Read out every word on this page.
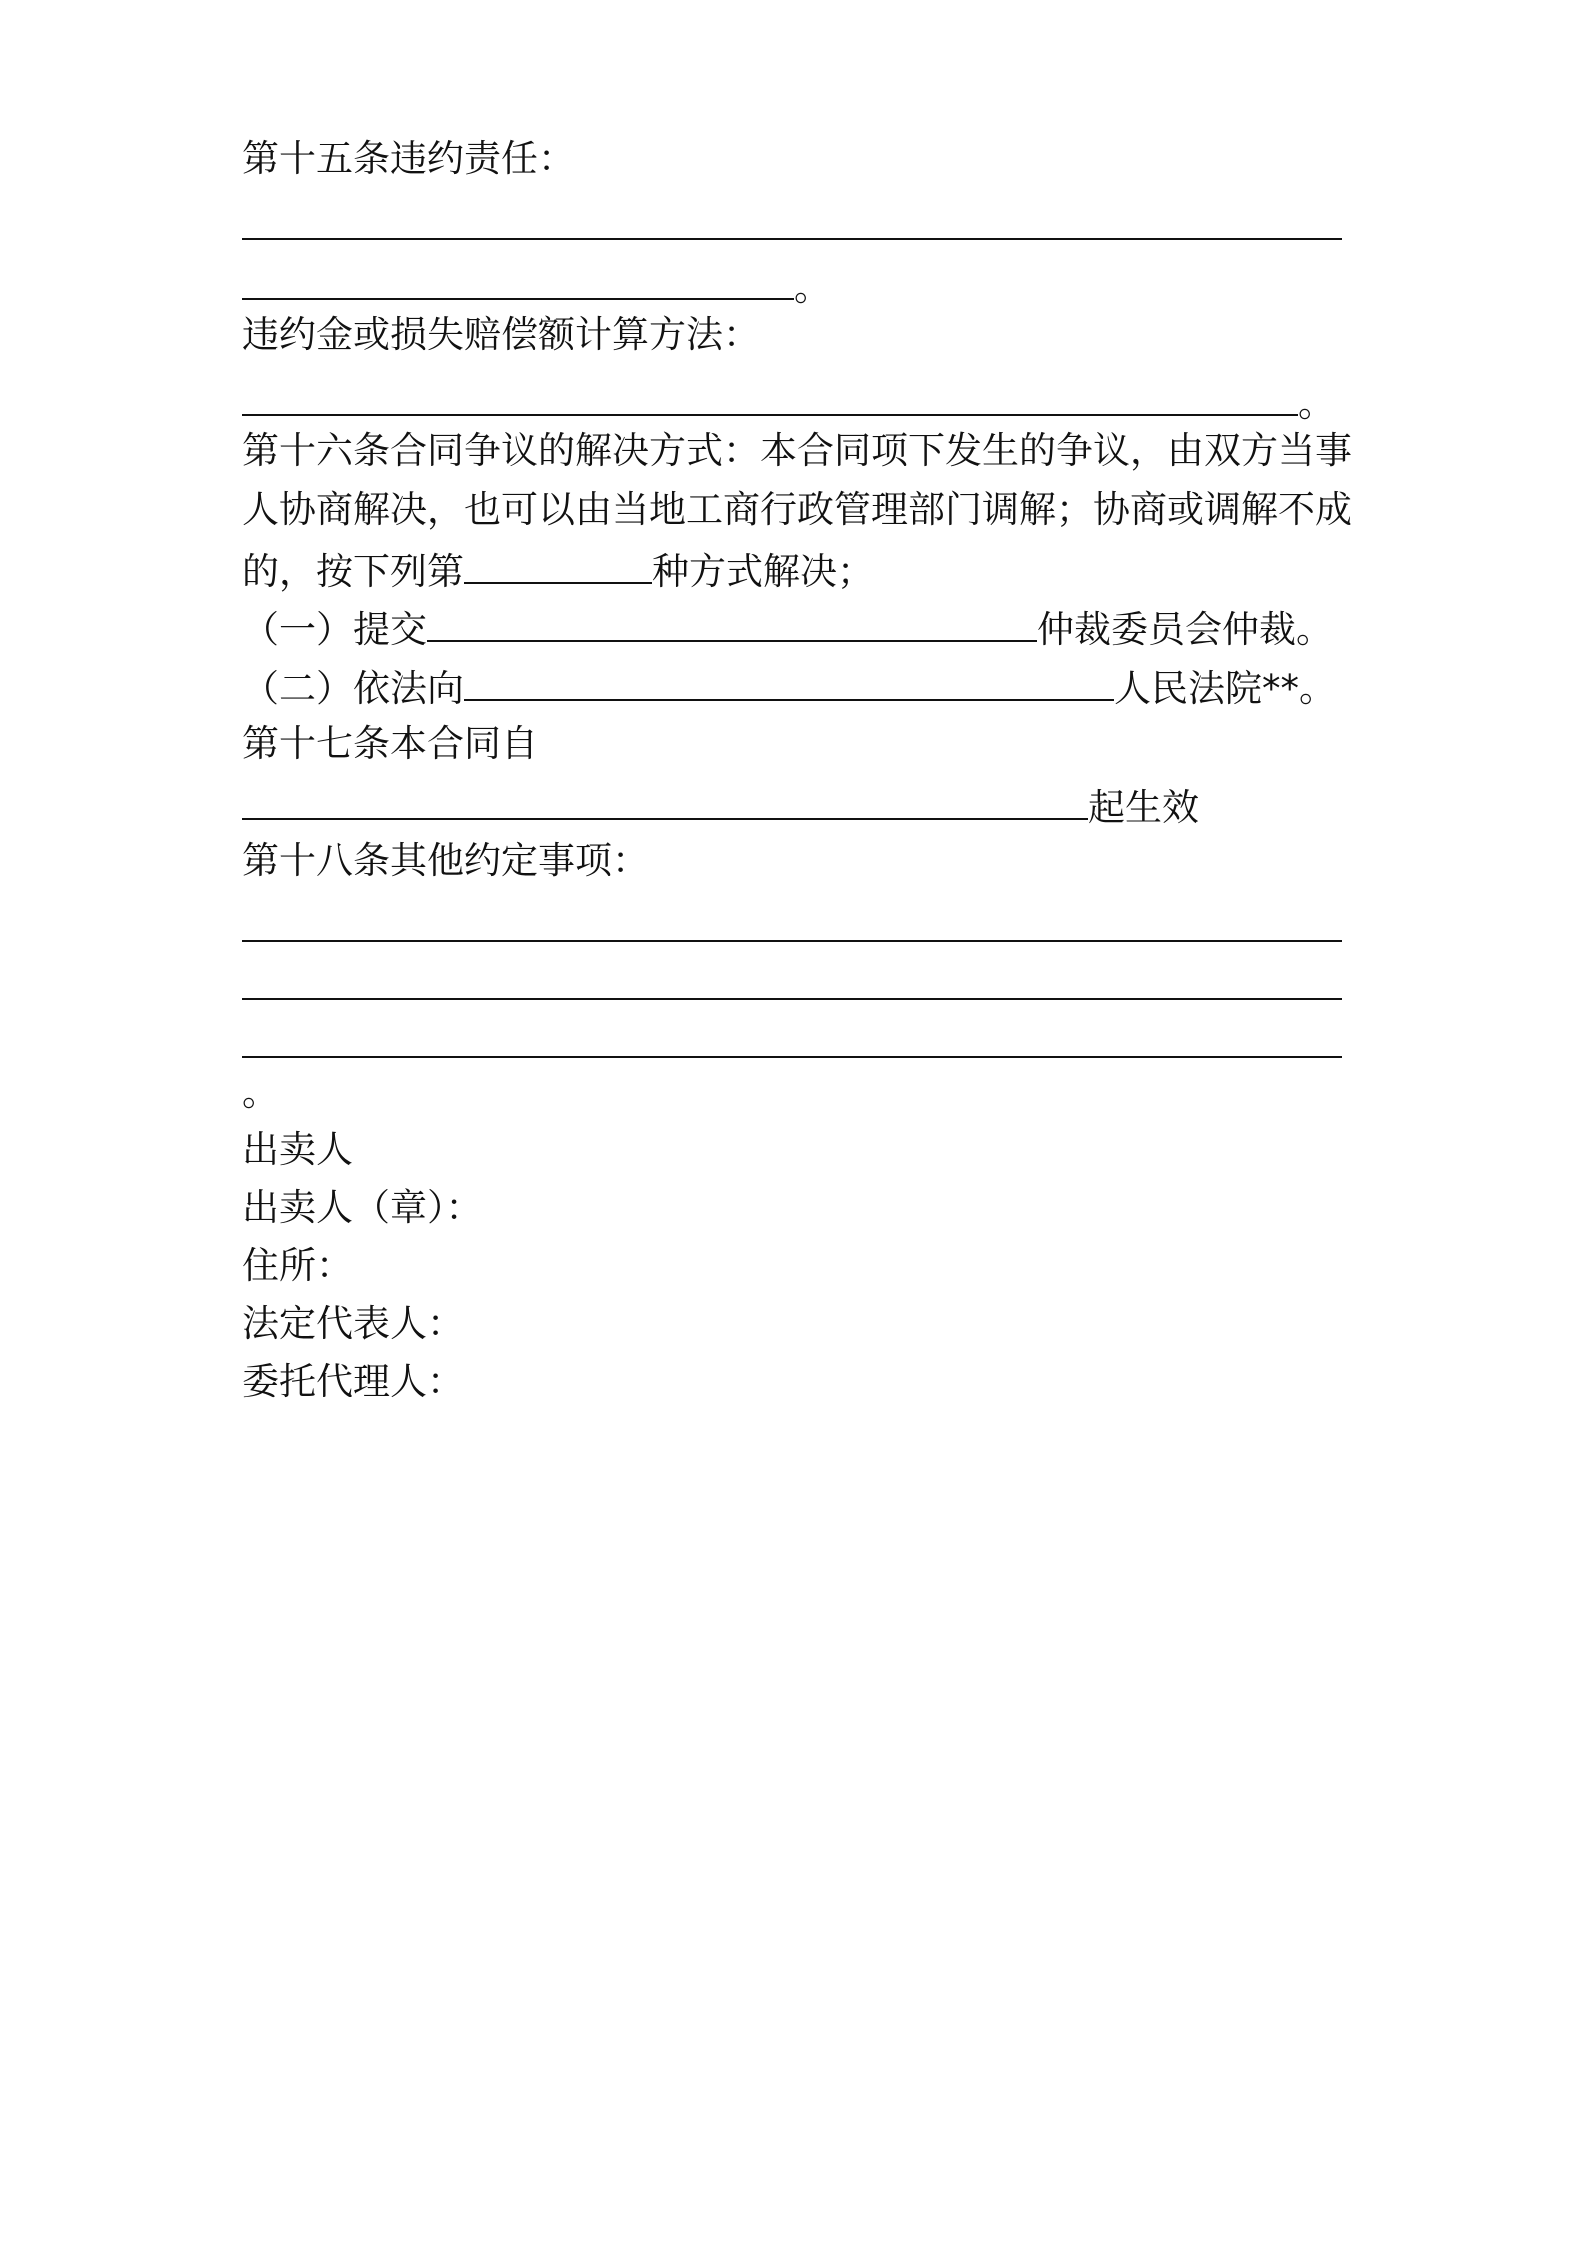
第十五条违约责任：
。
违约金或损失赔偿额计算方法：
。
第十六条合同争议的解决方式：本合同项下发生的争议，由双方当事
人协商解决，也可以由当地工商行政管理部门调解；协商或调解不成
的，按下列第	种方式解决；
（一）提交	仲裁委员会仲裁。
（二）依法向	人民法院**。
第十七条本合同自
起生效
第十八条其他约定事项：
。
出卖人
出卖人（章）：
住所：
法定代表人：
委托代理人：
